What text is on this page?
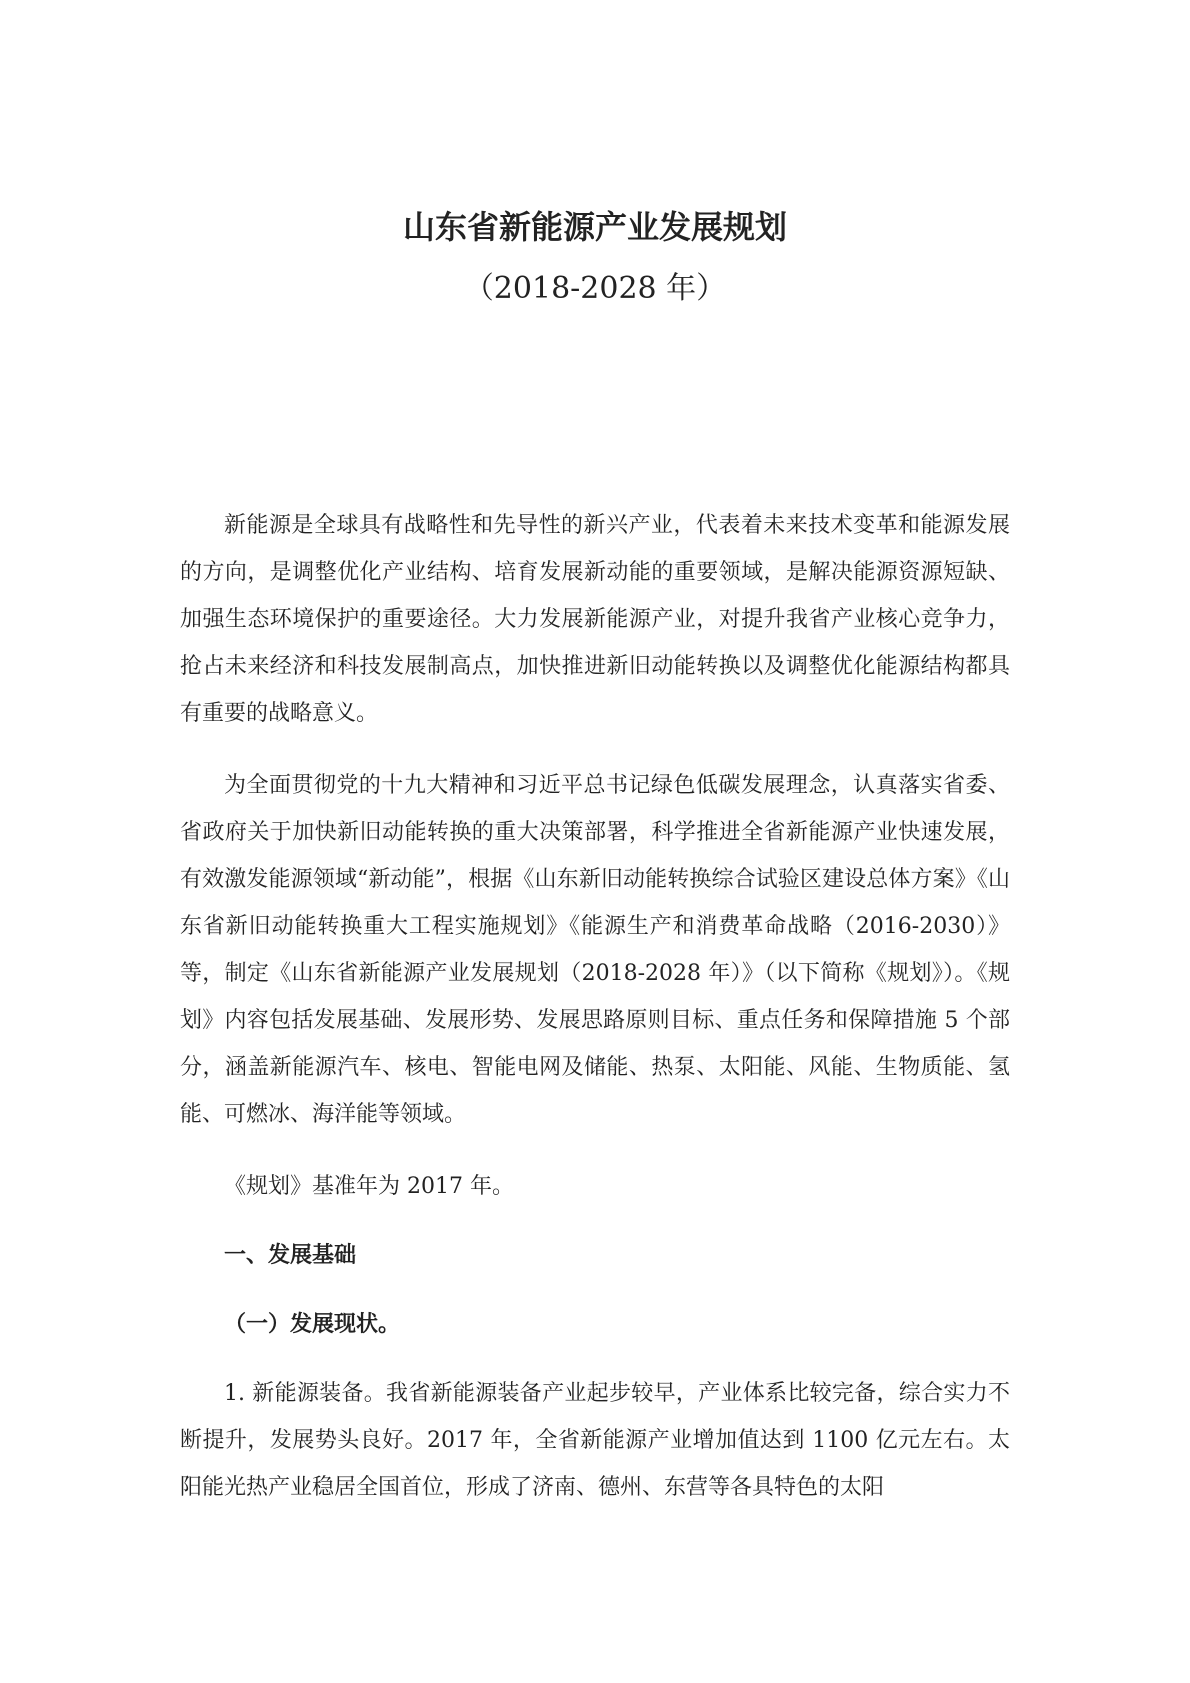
山东省新能源产业发展规划
（2018-2028 年）

新能源是全球具有战略性和先导性的新兴产业，代表着未来技术变革和能源发展的方向，是调整优化产业结构、培育发展新动能的重要领域，是解决能源资源短缺、加强生态环境保护的重要途径。大力发展新能源产业，对提升我省产业核心竞争力，抢占未来经济和科技发展制高点，加快推进新旧动能转换以及调整优化能源结构都具有重要的战略意义。

为全面贯彻党的十九大精神和习近平总书记绿色低碳发展理念，认真落实省委、省政府关于加快新旧动能转换的重大决策部署，科学推进全省新能源产业快速发展，有效激发能源领域“新动能”，根据《山东新旧动能转换综合试验区建设总体方案》《山东省新旧动能转换重大工程实施规划》《能源生产和消费革命战略（2016-2030）》等，制定《山东省新能源产业发展规划（2018-2028 年）》（以下简称《规划》）。《规划》内容包括发展基础、发展形势、发展思路原则目标、重点任务和保障措施 5 个部分，涵盖新能源汽车、核电、智能电网及储能、热泵、太阳能、风能、生物质能、氢能、可燃冰、海洋能等领域。

《规划》基准年为 2017 年。

一、发展基础
（一）发展现状。

1. 新能源装备。我省新能源装备产业起步较早，产业体系比较完备，综合实力不断提升，发展势头良好。2017 年，全省新能源产业增加值达到 1100 亿元左右。太阳能光热产业稳居全国首位，形成了济南、德州、东营等各具特色的太阳
